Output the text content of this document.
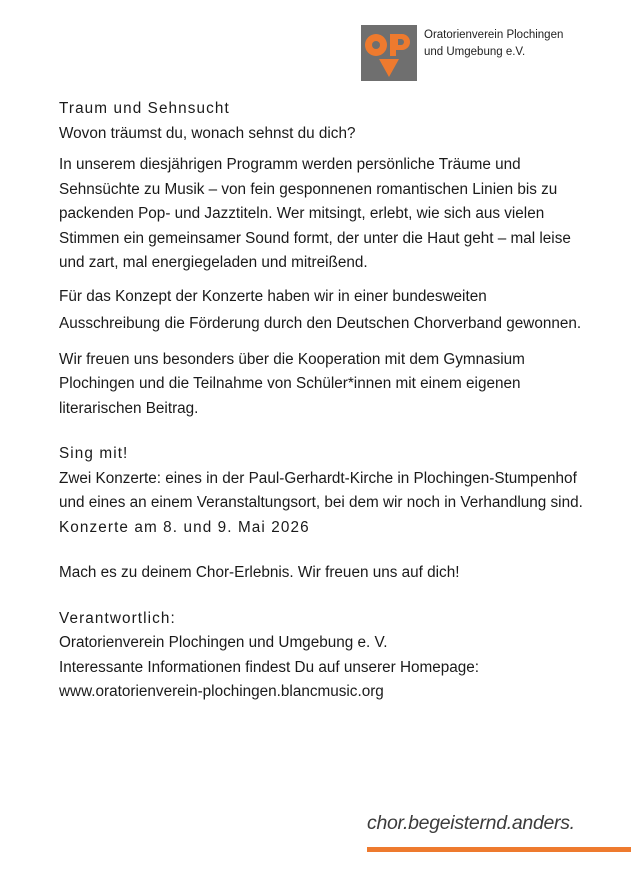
Oratorienverein Plochingen
und Umgebung e.V.

Traum und Sehnsucht

Wovon träumst du, wonach sehnst du dich?

In unserem diesjährigen Programm werden persönliche Träume und Sehnsüchte zu Musik – von fein gesponnenen romantischen Linien bis zu packenden Pop- und Jazztiteln. Wer mitsingt, erlebt, wie sich aus vielen Stimmen ein gemeinsamer Sound formt, der unter die Haut geht – mal leise und zart, mal energiegeladen und mitreißend.

Für das Konzept der Konzerte haben wir in einer bundesweiten Ausschreibung die Förderung durch den Deutschen Chorverband gewonnen.

Wir freuen uns besonders über die Kooperation mit dem Gymnasium Plochingen und die Teilnahme von Schüler*innen mit einem eigenen literarischen Beitrag.

Sing mit!

Zwei Konzerte: eines in der Paul-Gerhardt-Kirche in Plochingen-Stumpenhof und eines an einem Veranstaltungsort, bei dem wir noch in Verhandlung sind.

Konzerte am 8. und 9. Mai 2026

Mach es zu deinem Chor-Erlebnis. Wir freuen uns auf dich!

Verantwortlich:

Oratorienverein Plochingen und Umgebung e. V.

Interessante Informationen findest Du auf unserer Homepage:

www.oratorienverein-plochingen.blancmusic.org

chor.begeisternd.anders.
